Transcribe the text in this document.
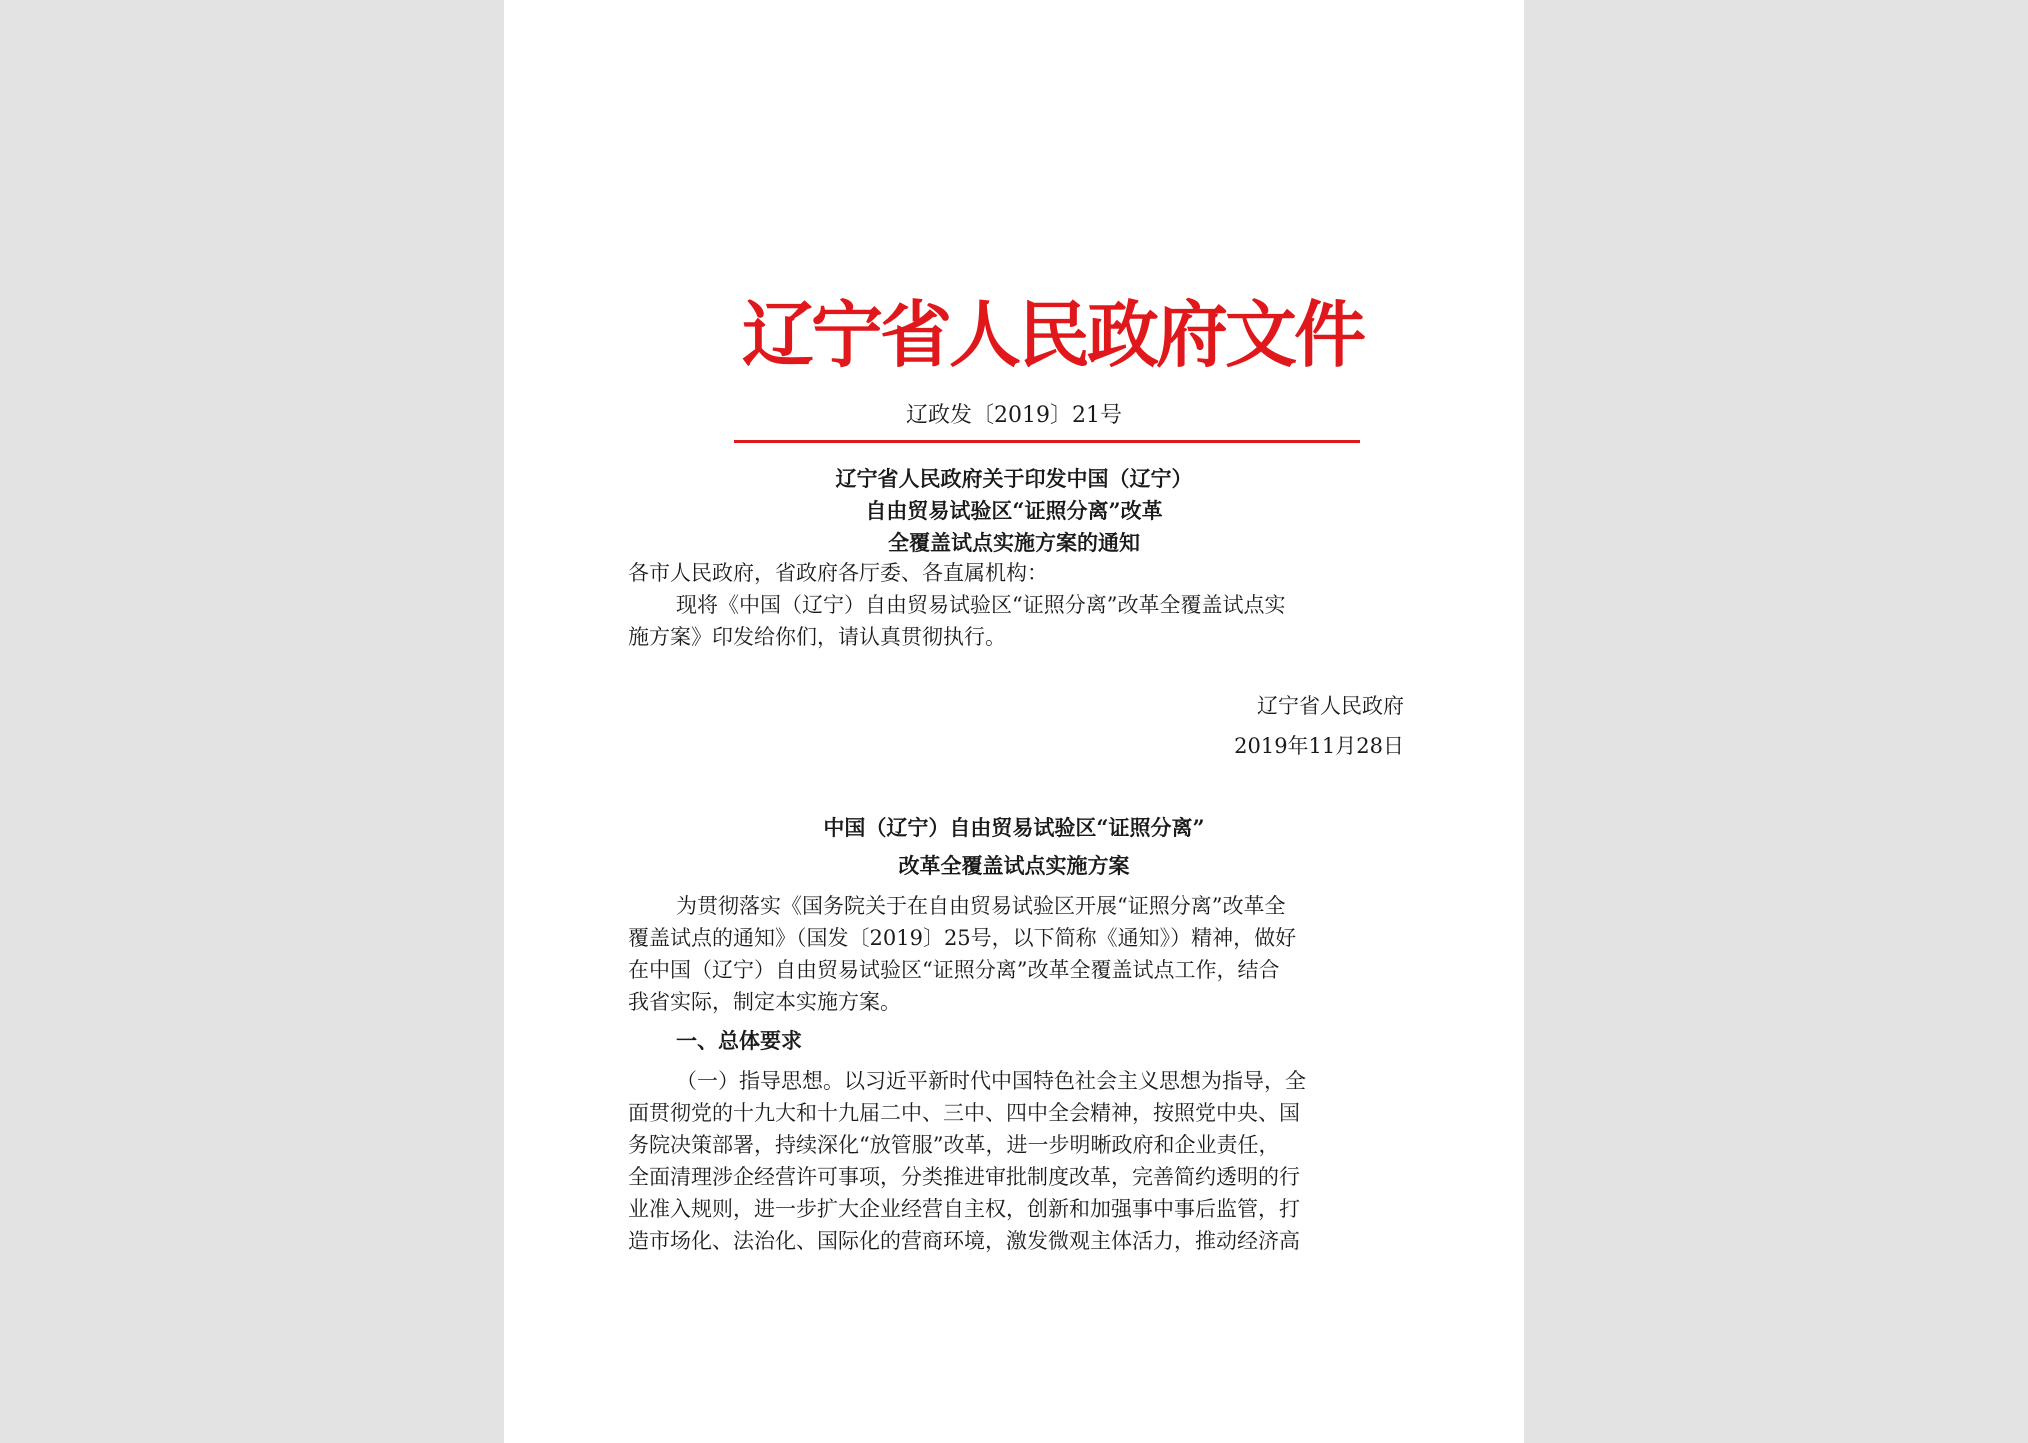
辽宁省人民政府文件
辽政发〔2019〕21号
辽宁省人民政府关于印发中国（辽宁）
自由贸易试验区“证照分离”改革
全覆盖试点实施方案的通知
各市人民政府，省政府各厅委、各直属机构：
现将《中国（辽宁）自由贸易试验区“证照分离”改革全覆盖试点实
施方案》印发给你们，请认真贯彻执行。
辽宁省人民政府
2019年11月28日
中国（辽宁）自由贸易试验区“证照分离”
改革全覆盖试点实施方案
为贯彻落实《国务院关于在自由贸易试验区开展“证照分离”改革全
覆盖试点的通知》（国发〔2019〕25号，以下简称《通知》）精神，做好
在中国（辽宁）自由贸易试验区“证照分离”改革全覆盖试点工作，结合
我省实际，制定本实施方案。
一、总体要求
（一）指导思想。以习近平新时代中国特色社会主义思想为指导，全
面贯彻党的十九大和十九届二中、三中、四中全会精神，按照党中央、国
务院决策部署，持续深化“放管服”改革，进一步明晰政府和企业责任，
全面清理涉企经营许可事项，分类推进审批制度改革，完善简约透明的行
业准入规则，进一步扩大企业经营自主权，创新和加强事中事后监管，打
造市场化、法治化、国际化的营商环境，激发微观主体活力，推动经济高
